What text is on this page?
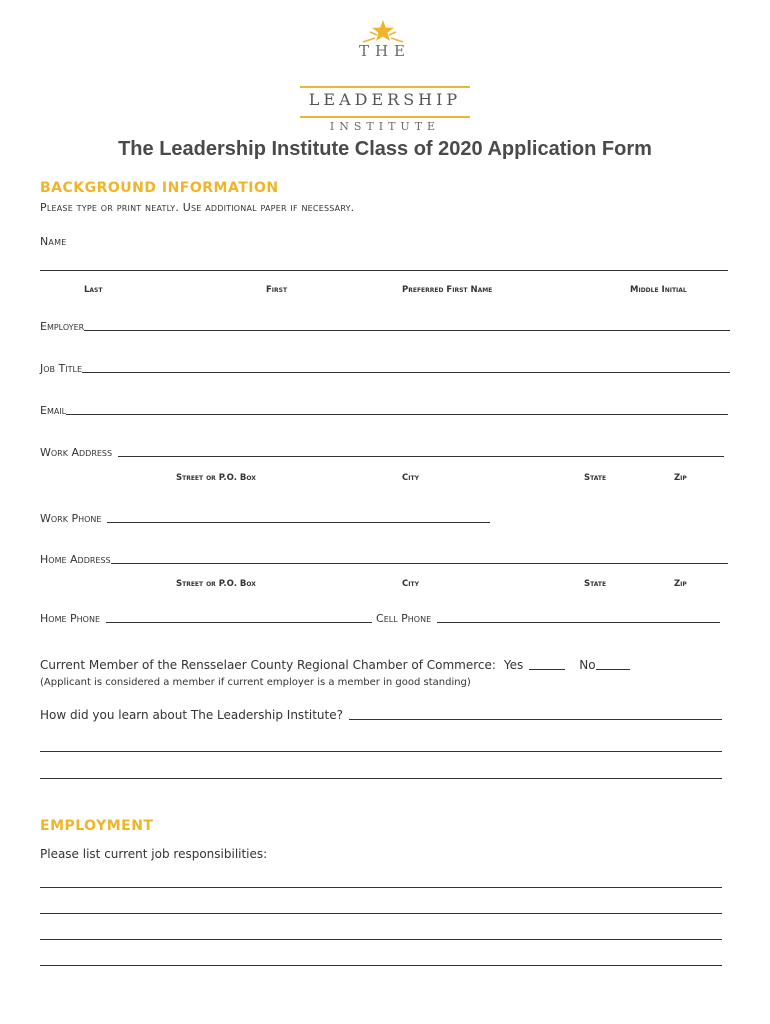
THE
LEADERSHIP
INSTITUTE
The Leadership Institute Class of 2020 Application Form
BACKGROUND INFORMATION
Please type or print neatly. Use additional paper if necessary.
Name
Last	First	Preferred First Name	Middle Initial
Employer
Job Title
Email
Work Address
Street or P.O. Box	City	State	Zip
Work Phone
Home Address
Street or P.O. Box	City	State	Zip
Home Phone	Cell Phone
Current Member of the Rensselaer County Regional Chamber of Commerce: Yes	No
(Applicant is considered a member if current employer is a member in good standing)
How did you learn about The Leadership Institute?
EMPLOYMENT
Please list current job responsibilities:
